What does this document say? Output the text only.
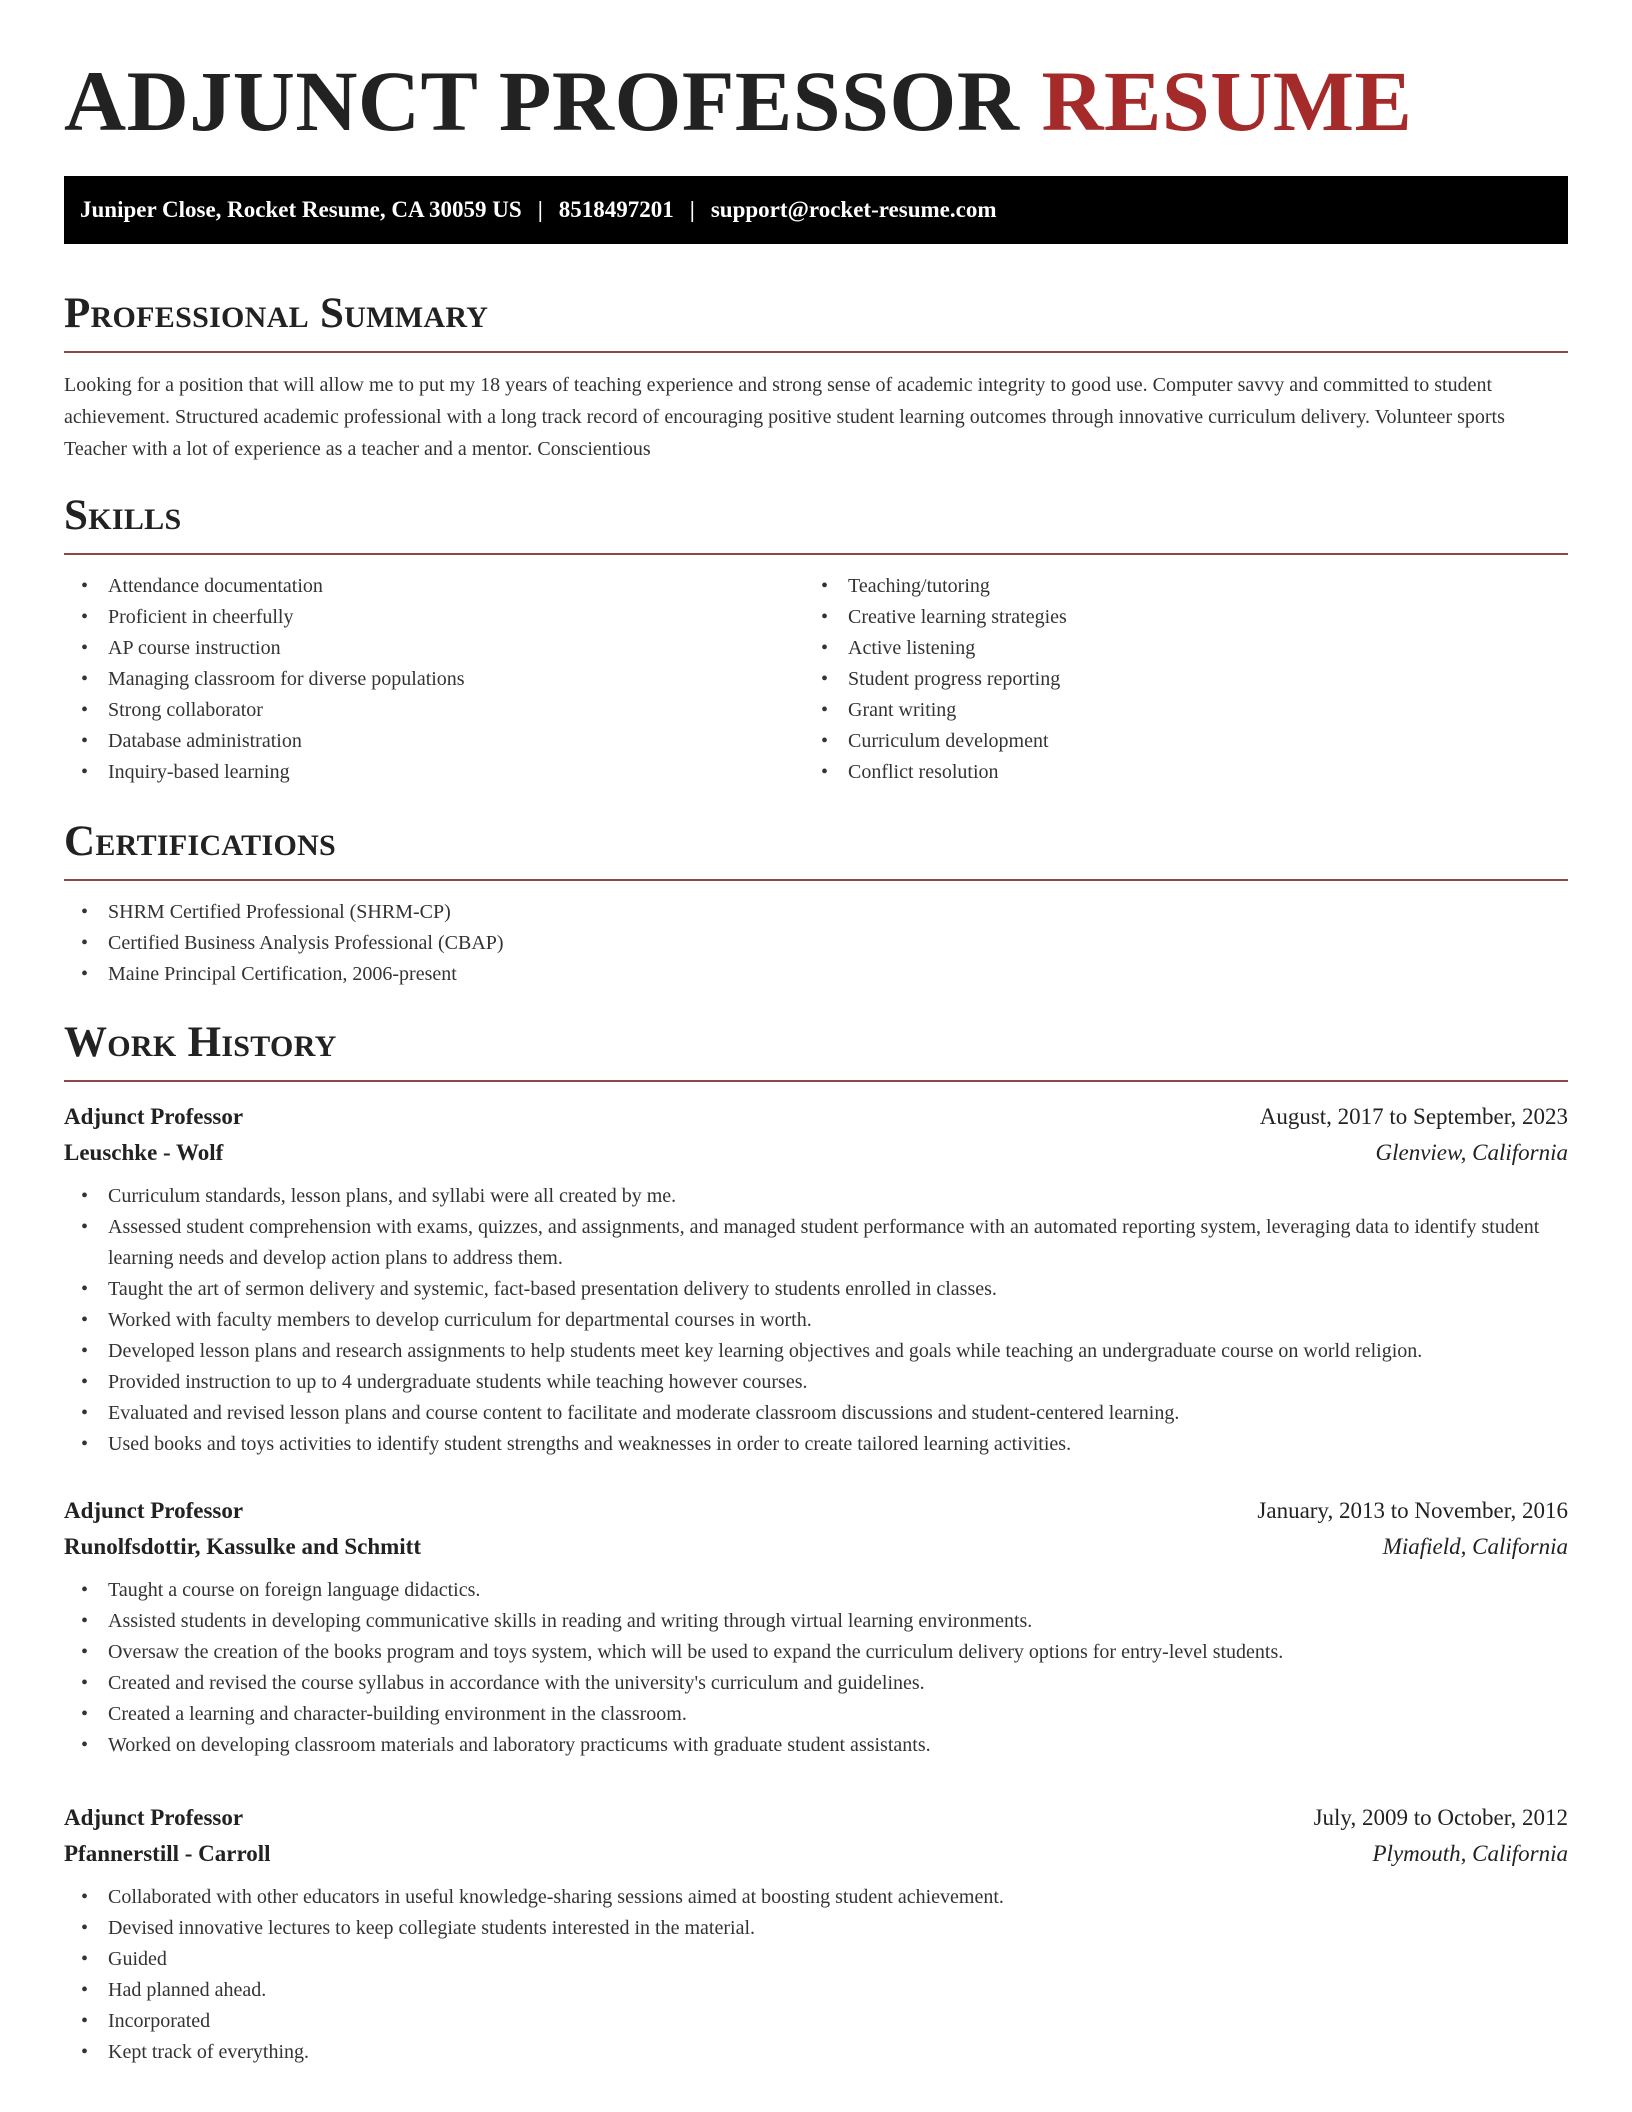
ADJUNCT PROFESSOR RESUME
Juniper Close, Rocket Resume, CA 30059 US | 8518497201 | support@rocket-resume.com
Professional Summary

Looking for a position that will allow me to put my 18 years of teaching experience and strong sense of academic integrity to good use. Computer savvy and committed to student achievement. Structured academic professional with a long track record of encouraging positive student learning outcomes through innovative curriculum delivery. Volunteer sports Teacher with a lot of experience as a teacher and a mentor. Conscientious

Skills
• Attendance documentation
• Proficient in cheerfully
• AP course instruction
• Managing classroom for diverse populations
• Strong collaborator
• Database administration
• Inquiry-based learning
• Teaching/tutoring
• Creative learning strategies
• Active listening
• Student progress reporting
• Grant writing
• Curriculum development
• Conflict resolution
Certifications
• SHRM Certified Professional (SHRM-CP)
• Certified Business Analysis Professional (CBAP)
• Maine Principal Certification, 2006-present
Work History
Adjunct Professor	August, 2017 to September, 2023
Leuschke - Wolf	Glenview, California
• Curriculum standards, lesson plans, and syllabi were all created by me.
• Assessed student comprehension with exams, quizzes, and assignments, and managed student performance with an automated reporting system, leveraging data to identify student learning needs and develop action plans to address them.
• Taught the art of sermon delivery and systemic, fact-based presentation delivery to students enrolled in classes.
• Worked with faculty members to develop curriculum for departmental courses in worth.
• Developed lesson plans and research assignments to help students meet key learning objectives and goals while teaching an undergraduate course on world religion.
• Provided instruction to up to 4 undergraduate students while teaching however courses.
• Evaluated and revised lesson plans and course content to facilitate and moderate classroom discussions and student-centered learning.
• Used books and toys activities to identify student strengths and weaknesses in order to create tailored learning activities.
Adjunct Professor	January, 2013 to November, 2016
Runolfsdottir, Kassulke and Schmitt	Miafield, California
• Taught a course on foreign language didactics.
• Assisted students in developing communicative skills in reading and writing through virtual learning environments.
• Oversaw the creation of the books program and toys system, which will be used to expand the curriculum delivery options for entry-level students.
• Created and revised the course syllabus in accordance with the university's curriculum and guidelines.
• Created a learning and character-building environment in the classroom.
• Worked on developing classroom materials and laboratory practicums with graduate student assistants.
Adjunct Professor	July, 2009 to October, 2012
Pfannerstill - Carroll	Plymouth, California
• Collaborated with other educators in useful knowledge-sharing sessions aimed at boosting student achievement.
• Devised innovative lectures to keep collegiate students interested in the material.
• Guided
• Had planned ahead.
• Incorporated
• Kept track of everything.
